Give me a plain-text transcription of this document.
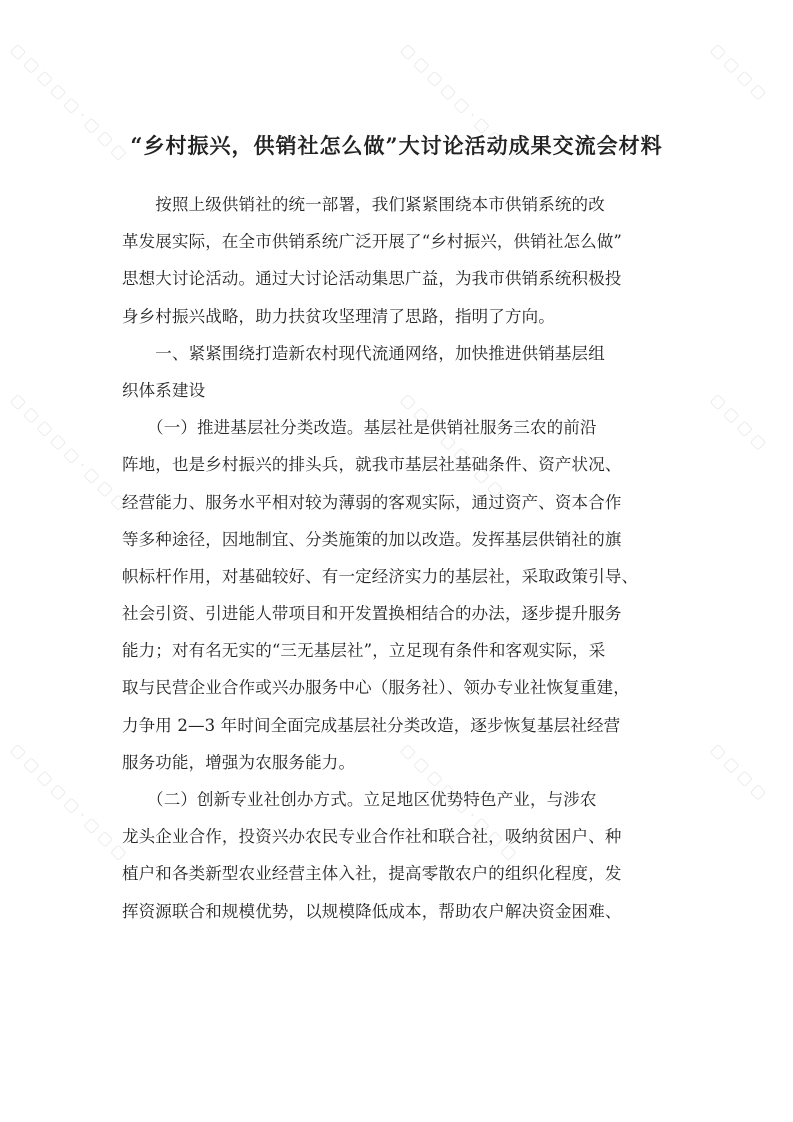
“乡村振兴，供销社怎么做”大讨论活动成果交流会材料
　　按照上级供销社的统一部署，我们紧紧围绕本市供销系统的改
革发展实际，在全市供销系统广泛开展了“乡村振兴，供销社怎么做”
思想大讨论活动。通过大讨论活动集思广益，为我市供销系统积极投
身乡村振兴战略，助力扶贫攻坚理清了思路，指明了方向。
　　一、紧紧围绕打造新农村现代流通网络，加快推进供销基层组
织体系建设
　　（一）推进基层社分类改造。基层社是供销社服务三农的前沿
阵地，也是乡村振兴的排头兵，就我市基层社基础条件、资产状况、
经营能力、服务水平相对较为薄弱的客观实际，通过资产、资本合作
等多种途径，因地制宜、分类施策的加以改造。发挥基层供销社的旗
帜标杆作用，对基础较好、有一定经济实力的基层社，采取政策引导、
社会引资、引进能人带项目和开发置换相结合的办法，逐步提升服务
能力；对有名无实的“三无基层社”，立足现有条件和客观实际，采
取与民营企业合作或兴办服务中心（服务社）、领办专业社恢复重建，
力争用 2—3 年时间全面完成基层社分类改造，逐步恢复基层社经营
服务功能，增强为农服务能力。
　　（二）创新专业社创办方式。立足地区优势特色产业，与涉农
龙头企业合作，投资兴办农民专业合作社和联合社，吸纳贫困户、种
植户和各类新型农业经营主体入社，提高零散农户的组织化程度，发
挥资源联合和规模优势，以规模降低成本，帮助农户解决资金困难、
▢ ▢ ▢ ▢ ▢ · ▢ ▢ ▢	▢ ▢ ▢ ▢ ▢ · ▢ ▢ ▢	▢ ▢ ▢ ▢
▢ ▢ ▢ ▢ ▢ · ▢ ▢ ▢	▢ ▢ ▢ ▢ ▢ · ▢ ▢ ▢	▢ ▢ ▢ ▢
▢ ▢ ▢ ▢ ▢ · ▢ ▢ ▢	▢ ▢ ▢ ▢ ▢ · ▢ ▢ ▢	▢ ▢ ▢ ▢
